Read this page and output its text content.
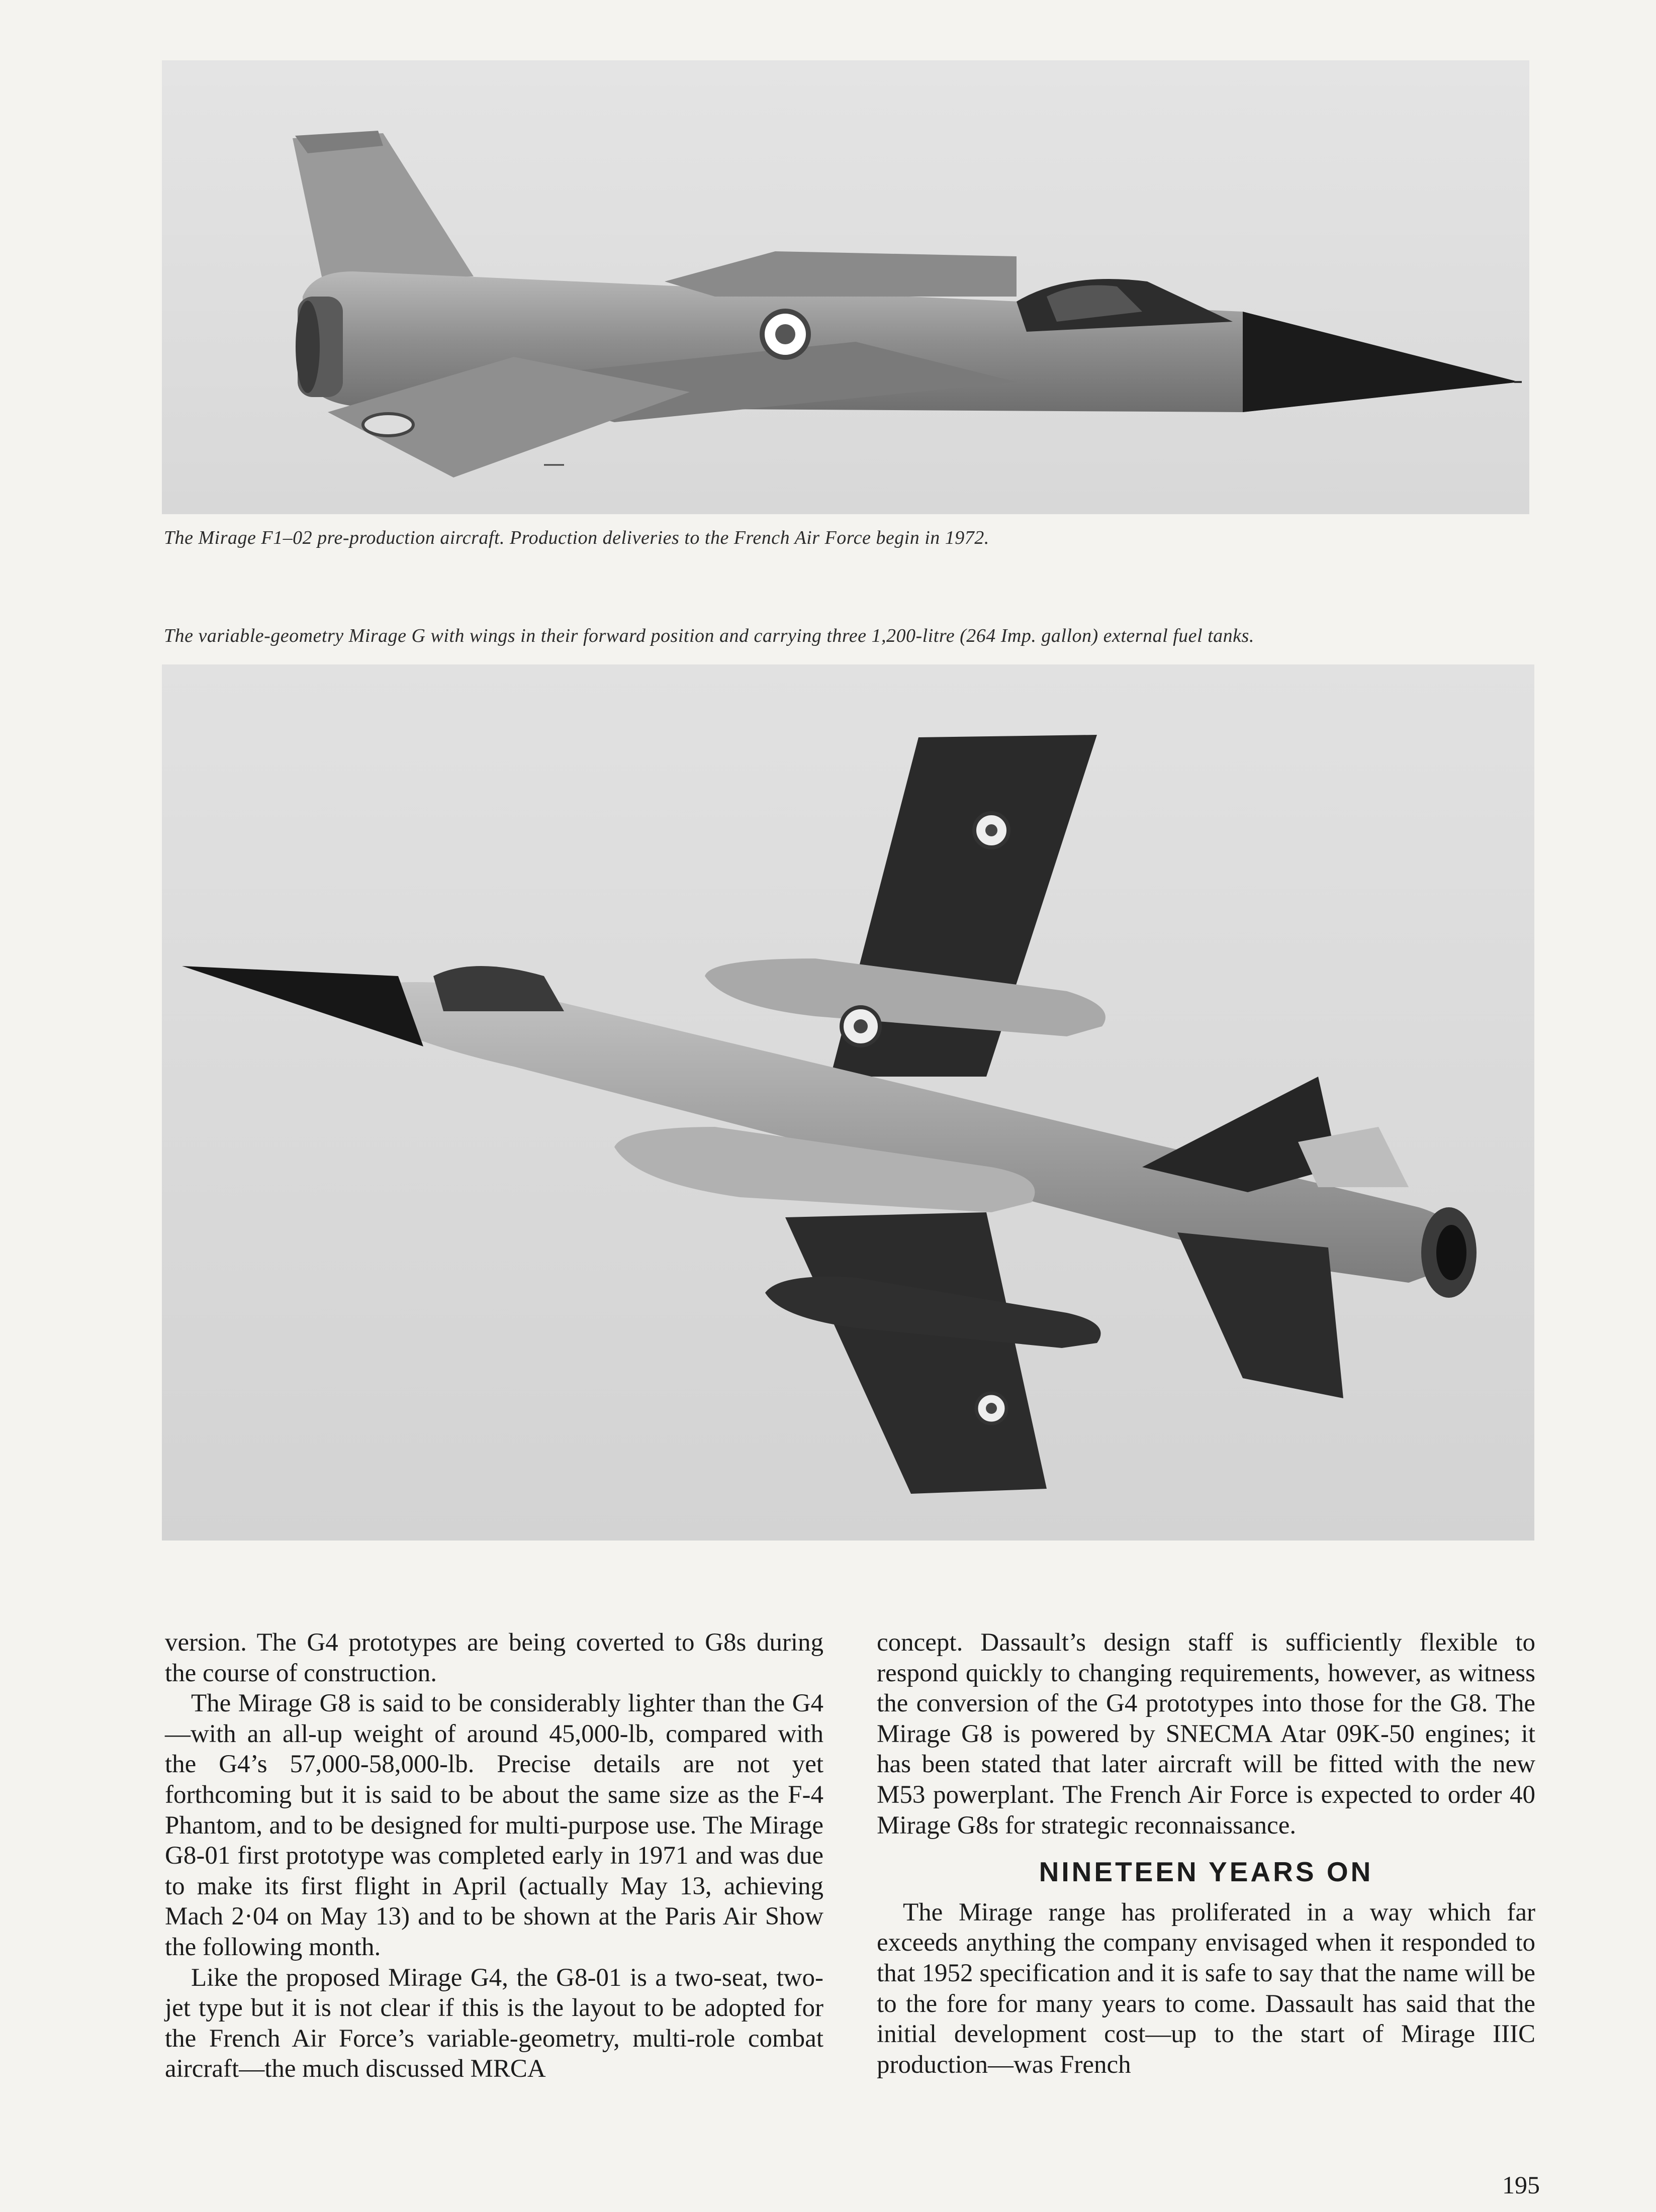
The Mirage F1–02 pre-production aircraft. Production deliveries to the French Air Force begin in 1972.
The variable-geometry Mirage G with wings in their forward position and carrying three 1,200-litre (264 Imp. gallon) external fuel tanks.

version. The G4 prototypes are being coverted to G8s during the course of construction.

The Mirage G8 is said to be considerably lighter than the G4—with an all-up weight of around 45,000-lb, compared with the G4’s 57,000-58,000-lb. Precise details are not yet forthcoming but it is said to be about the same size as the F-4 Phantom, and to be designed for multi-purpose use. The Mirage G8-01 first prototype was completed early in 1971 and was due to make its first flight in April (actually May 13, achieving Mach 2·04 on May 13) and to be shown at the Paris Air Show the following month.

Like the proposed Mirage G4, the G8-01 is a two-seat, two-jet type but it is not clear if this is the layout to be adopted for the French Air Force’s variable-geometry, multi-role combat aircraft—the much discussed MRCA

concept. Dassault’s design staff is sufficiently flexible to respond quickly to changing requirements, however, as witness the conversion of the G4 prototypes into those for the G8. The Mirage G8 is powered by SNECMA Atar 09K-50 engines; it has been stated that later aircraft will be fitted with the new M53 powerplant. The French Air Force is expected to order 40 Mirage G8s for strategic reconnaissance.

NINETEEN YEARS ON

The Mirage range has proliferated in a way which far exceeds anything the company envisaged when it responded to that 1952 specification and it is safe to say that the name will be to the fore for many years to come. Dassault has said that the initial development cost—up to the start of Mirage IIIC production—was French

195
